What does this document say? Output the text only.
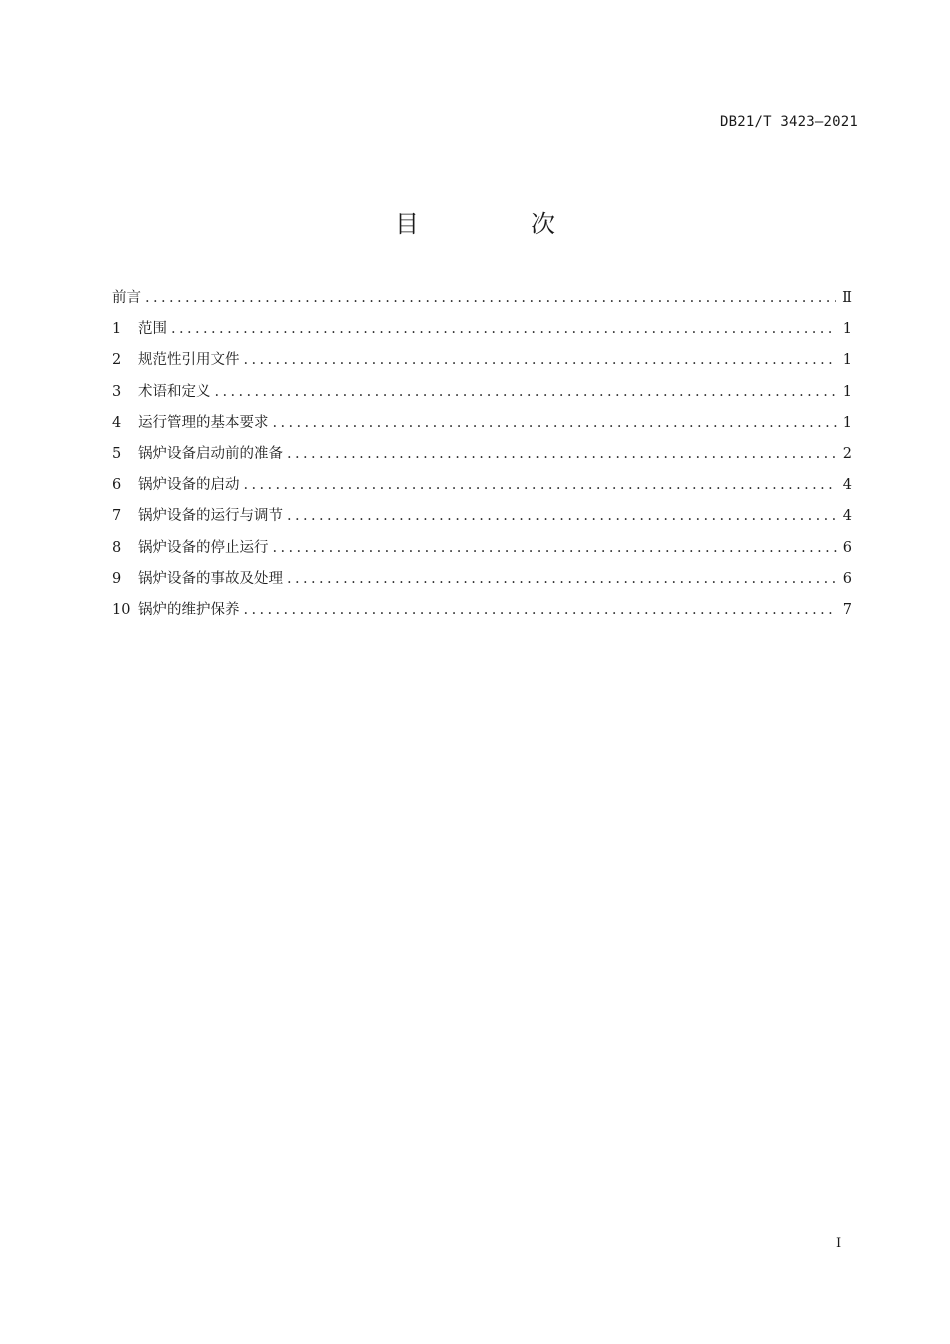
DB21/T 3423—2021
目　次
前言 .....	Ⅱ
1	范围 .....	1
2	规范性引用文件 .....	1
3	术语和定义 .....	1
4	运行管理的基本要求 .....	1
5	锅炉设备启动前的准备 .....	2
6	锅炉设备的启动 .....	4
7	锅炉设备的运行与调节 .....	4
8	锅炉设备的停止运行 .....	6
9	锅炉设备的事故及处理 .....	6
10 锅炉的维护保养 .....	7
Ⅰ
